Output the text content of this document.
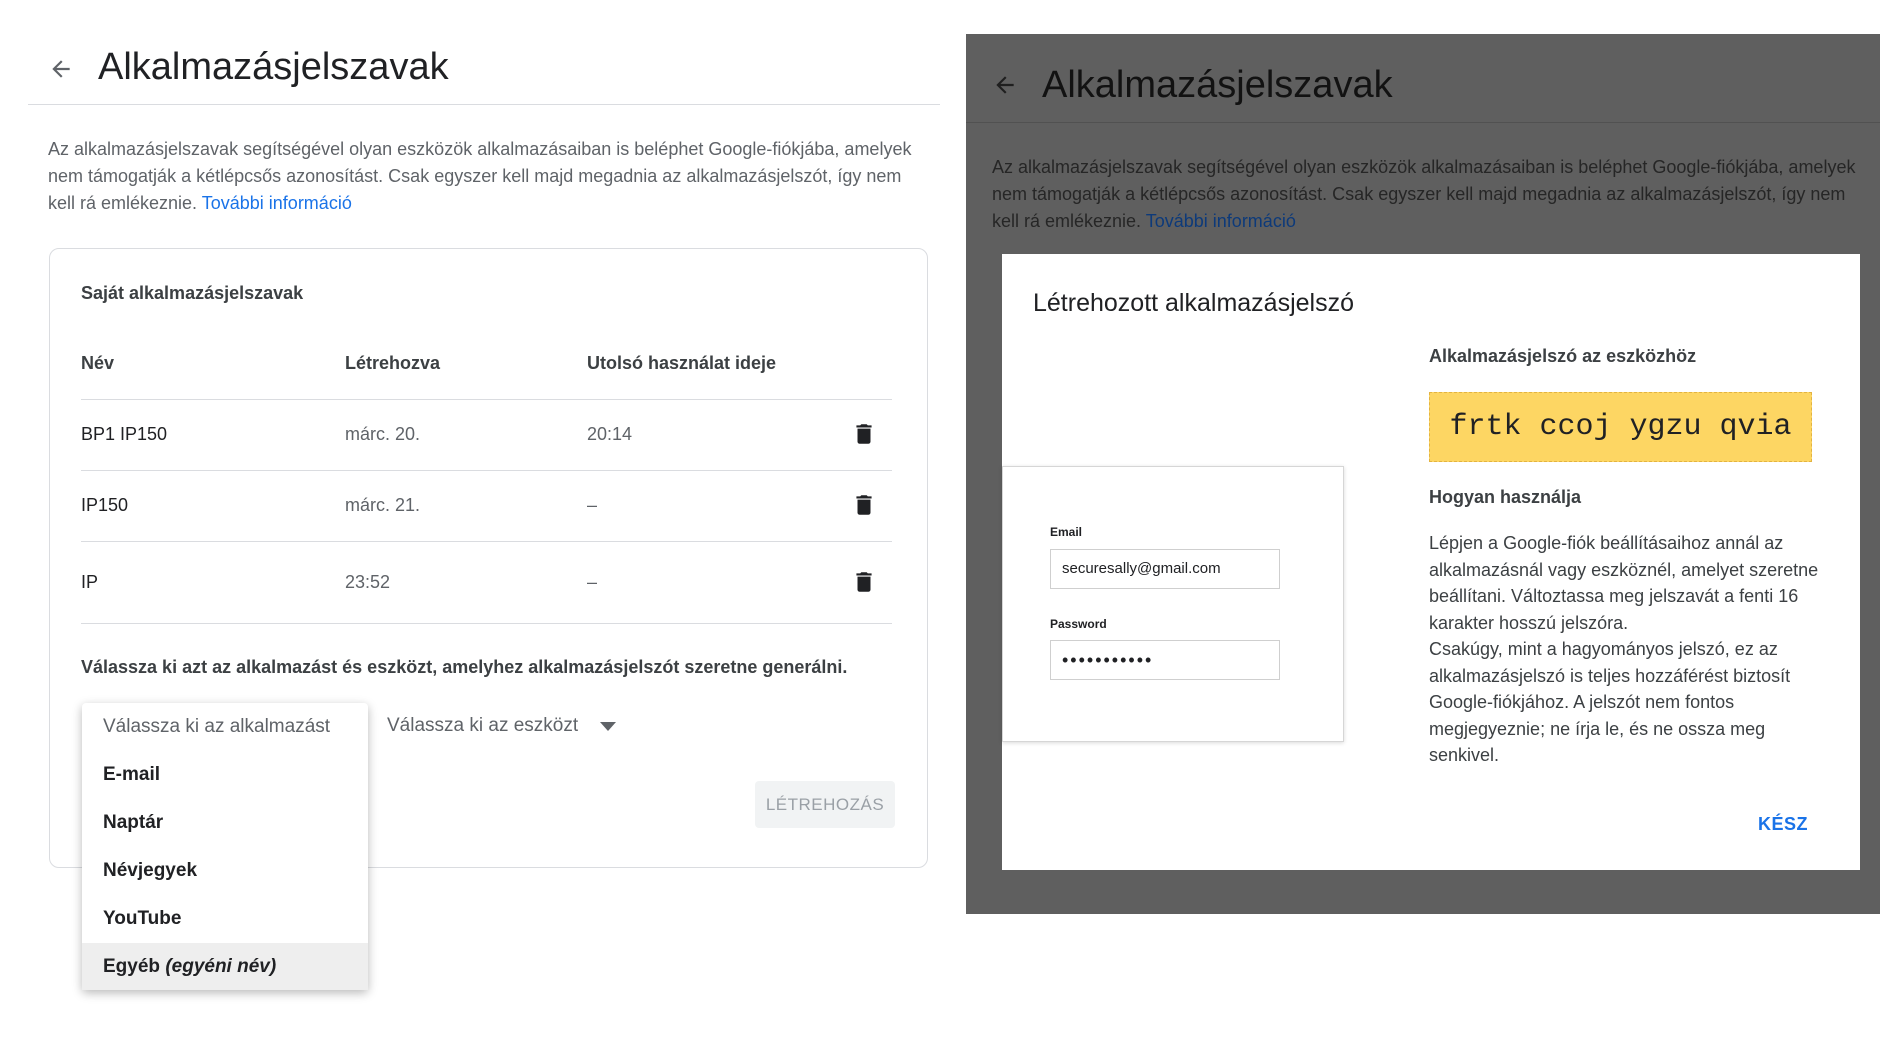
Alkalmazásjelszavak
Az alkalmazásjelszavak segítségével olyan eszközök alkalmazásaiban is beléphet Google-fiókjába, amelyek nem támogatják a kétlépcsős azonosítást. Csak egyszer kell majd megadnia az alkalmazásjelszót, így nem kell rá emlékeznie. További információ
Saját alkalmazásjelszavak
Név	Létrehozva	Utolsó használat ideje
BP1 IP150	márc. 20.	20:14
IP150	márc. 21.	–
IP	23:52	–
Válassza ki azt az alkalmazást és eszközt, amelyhez alkalmazásjelszót szeretne generálni.
Válassza ki az eszközt
LÉTREHOZÁS
Válassza ki az alkalmazást
E-mail
Naptár
Névjegyek
YouTube
Egyéb (egyéni név)
Alkalmazásjelszavak
Az alkalmazásjelszavak segítségével olyan eszközök alkalmazásaiban is beléphet Google-fiókjába, amelyek nem támogatják a kétlépcsős azonosítást. Csak egyszer kell majd megadnia az alkalmazásjelszót, így nem kell rá emlékeznie. További információ
Létrehozott alkalmazásjelszó
Email
securesally@gmail.com
Password
•••••••••••
Alkalmazásjelszó az eszközhöz
frtk ccoj ygzu qvia
Hogyan használja
Lépjen a Google-fiók beállításaihoz annál az alkalmazásnál vagy eszköznél, amelyet szeretne beállítani. Változtassa meg jelszavát a fenti 16 karakter hosszú jelszóra.
Csakúgy, mint a hagyományos jelszó, ez az alkalmazásjelszó is teljes hozzáférést biztosít Google-fiókjához. A jelszót nem fontos megjegyeznie; ne írja le, és ne ossza meg senkivel.
KÉSZ
